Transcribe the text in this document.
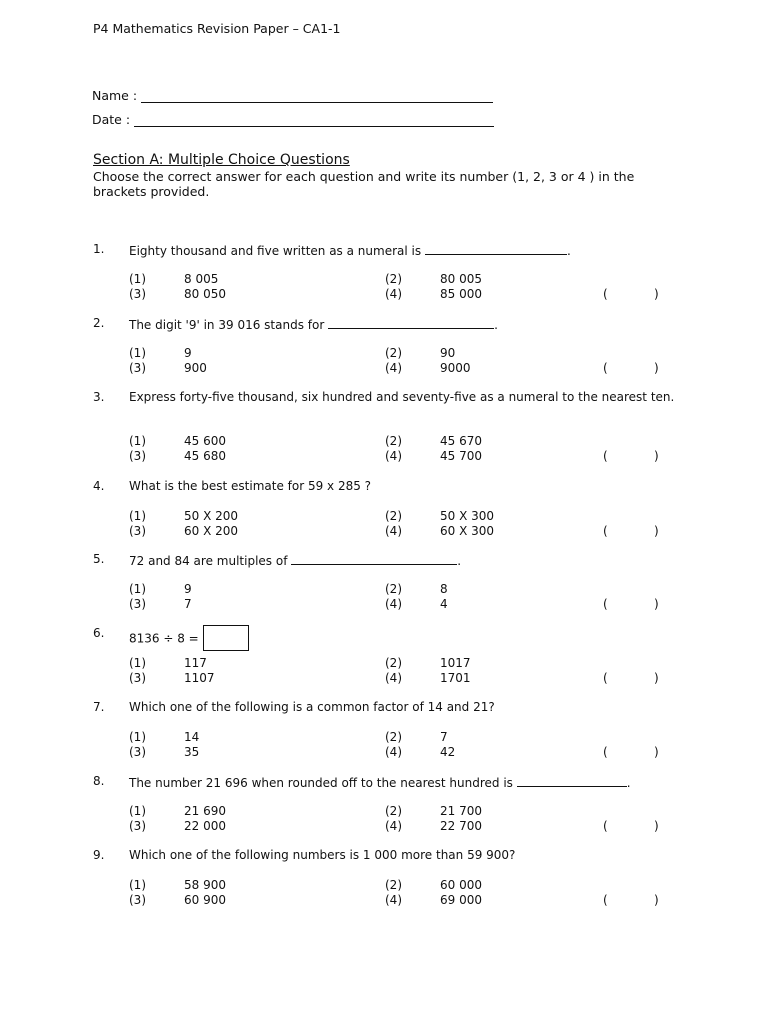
P4 Mathematics Revision Paper – CA1-1
Name :
Date :
Section A: Multiple Choice Questions
Choose the correct answer for each question and write its number (1, 2, 3 or 4 ) in the brackets provided.
1. Eighty thousand and five written as a numeral is	.
(1)	8 005	(2)	80 005
(3)	80 050	(4)	85 000	(	)
2. The digit '9' in 39 016 stands for	.
(1)	9	(2)	90
(3)	900	(4)	9000	(	)
3. Express forty-five thousand, six hundred and seventy-five as a numeral to the nearest ten.
(1)	45 600	(2)	45 670
(3)	45 680	(4)	45 700	(	)
4. What is the best estimate for 59 x 285 ?
(1)	50 X 200	(2)	50 X 300
(3)	60 X 200	(4)	60 X 300	(	)
5. 72 and 84 are multiples of	.
(1)	9	(2)	8
(3)	7	(4)	4	(	)
6. 8136 ÷ 8 =
(1)	117	(2)	1017
(3)	1107	(4)	1701	(	)
7. Which one of the following is a common factor of 14 and 21?
(1)	14	(2)	7
(3)	35	(4)	42	(	)
8. The number 21 696 when rounded off to the nearest hundred is	.
(1)	21 690	(2)	21 700
(3)	22 000	(4)	22 700	(	)
9. Which one of the following numbers is 1 000 more than 59 900?
(1)	58 900	(2)	60 000
(3)	60 900	(4)	69 000	(	)
